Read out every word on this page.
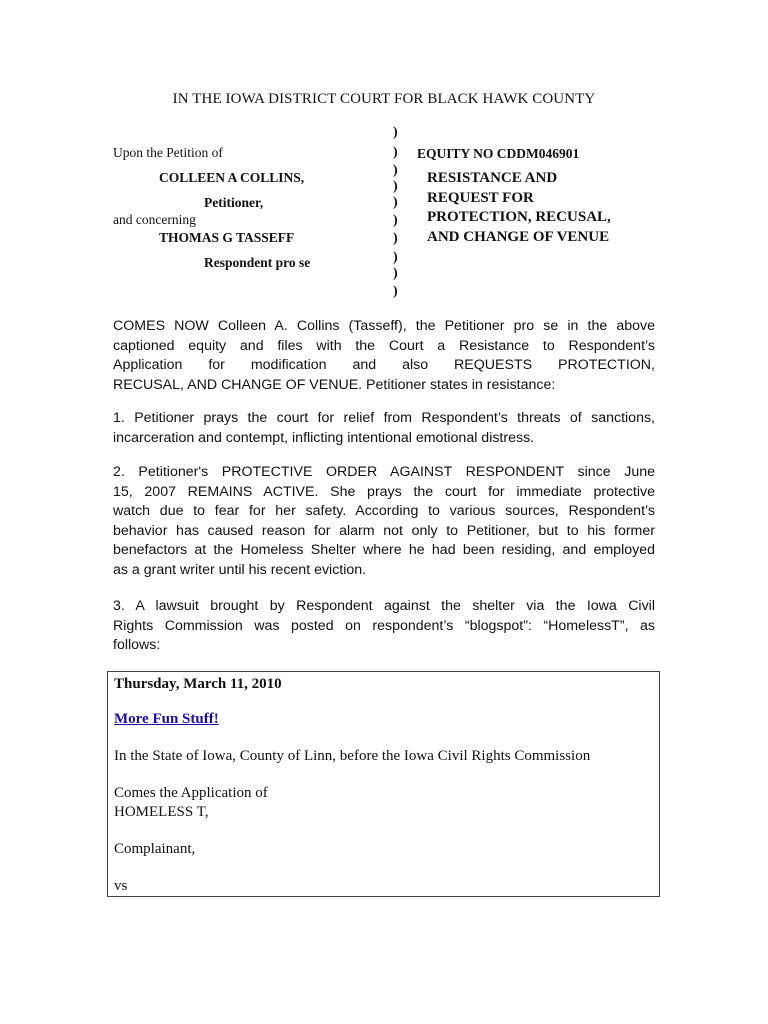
IN THE IOWA DISTRICT COURT FOR BLACK HAWK COUNTY
Upon the Petition of
COLLEEN A COLLINS,
Petitioner,
and concerning
THOMAS G TASSEFF
Respondent pro se
)
)
)
)
)
)
)
)
)
)
EQUITY NO CDDM046901
RESISTANCE AND
REQUEST FOR
PROTECTION, RECUSAL,
AND CHANGE OF VENUE
COMES NOW Colleen A. Collins (Tasseff), the Petitioner pro se in the above
captioned equity and files with the Court a Resistance to Respondent’s
Application for modification and also REQUESTS PROTECTION,
RECUSAL, AND CHANGE OF VENUE. Petitioner states in resistance:
1. Petitioner prays the court for relief from Respondent’s threats of sanctions,
incarceration and contempt, inflicting intentional emotional distress.
2. Petitioner's PROTECTIVE ORDER AGAINST RESPONDENT since June
15, 2007 REMAINS ACTIVE. She prays the court for immediate protective
watch due to fear for her safety. According to various sources, Respondent’s
behavior has caused reason for alarm not only to Petitioner, but to his former
benefactors at the Homeless Shelter where he had been residing, and employed
as a grant writer until his recent eviction.
3. A lawsuit brought by Respondent against the shelter via the Iowa Civil
Rights Commission was posted on respondent’s “blogspot”: “HomelessT”, as
follows:
Thursday, March 11, 2010
More Fun Stuff!
In the State of Iowa, County of Linn, before the Iowa Civil Rights Commission
Comes the Application of
HOMELESS T,
Complainant,
vs
